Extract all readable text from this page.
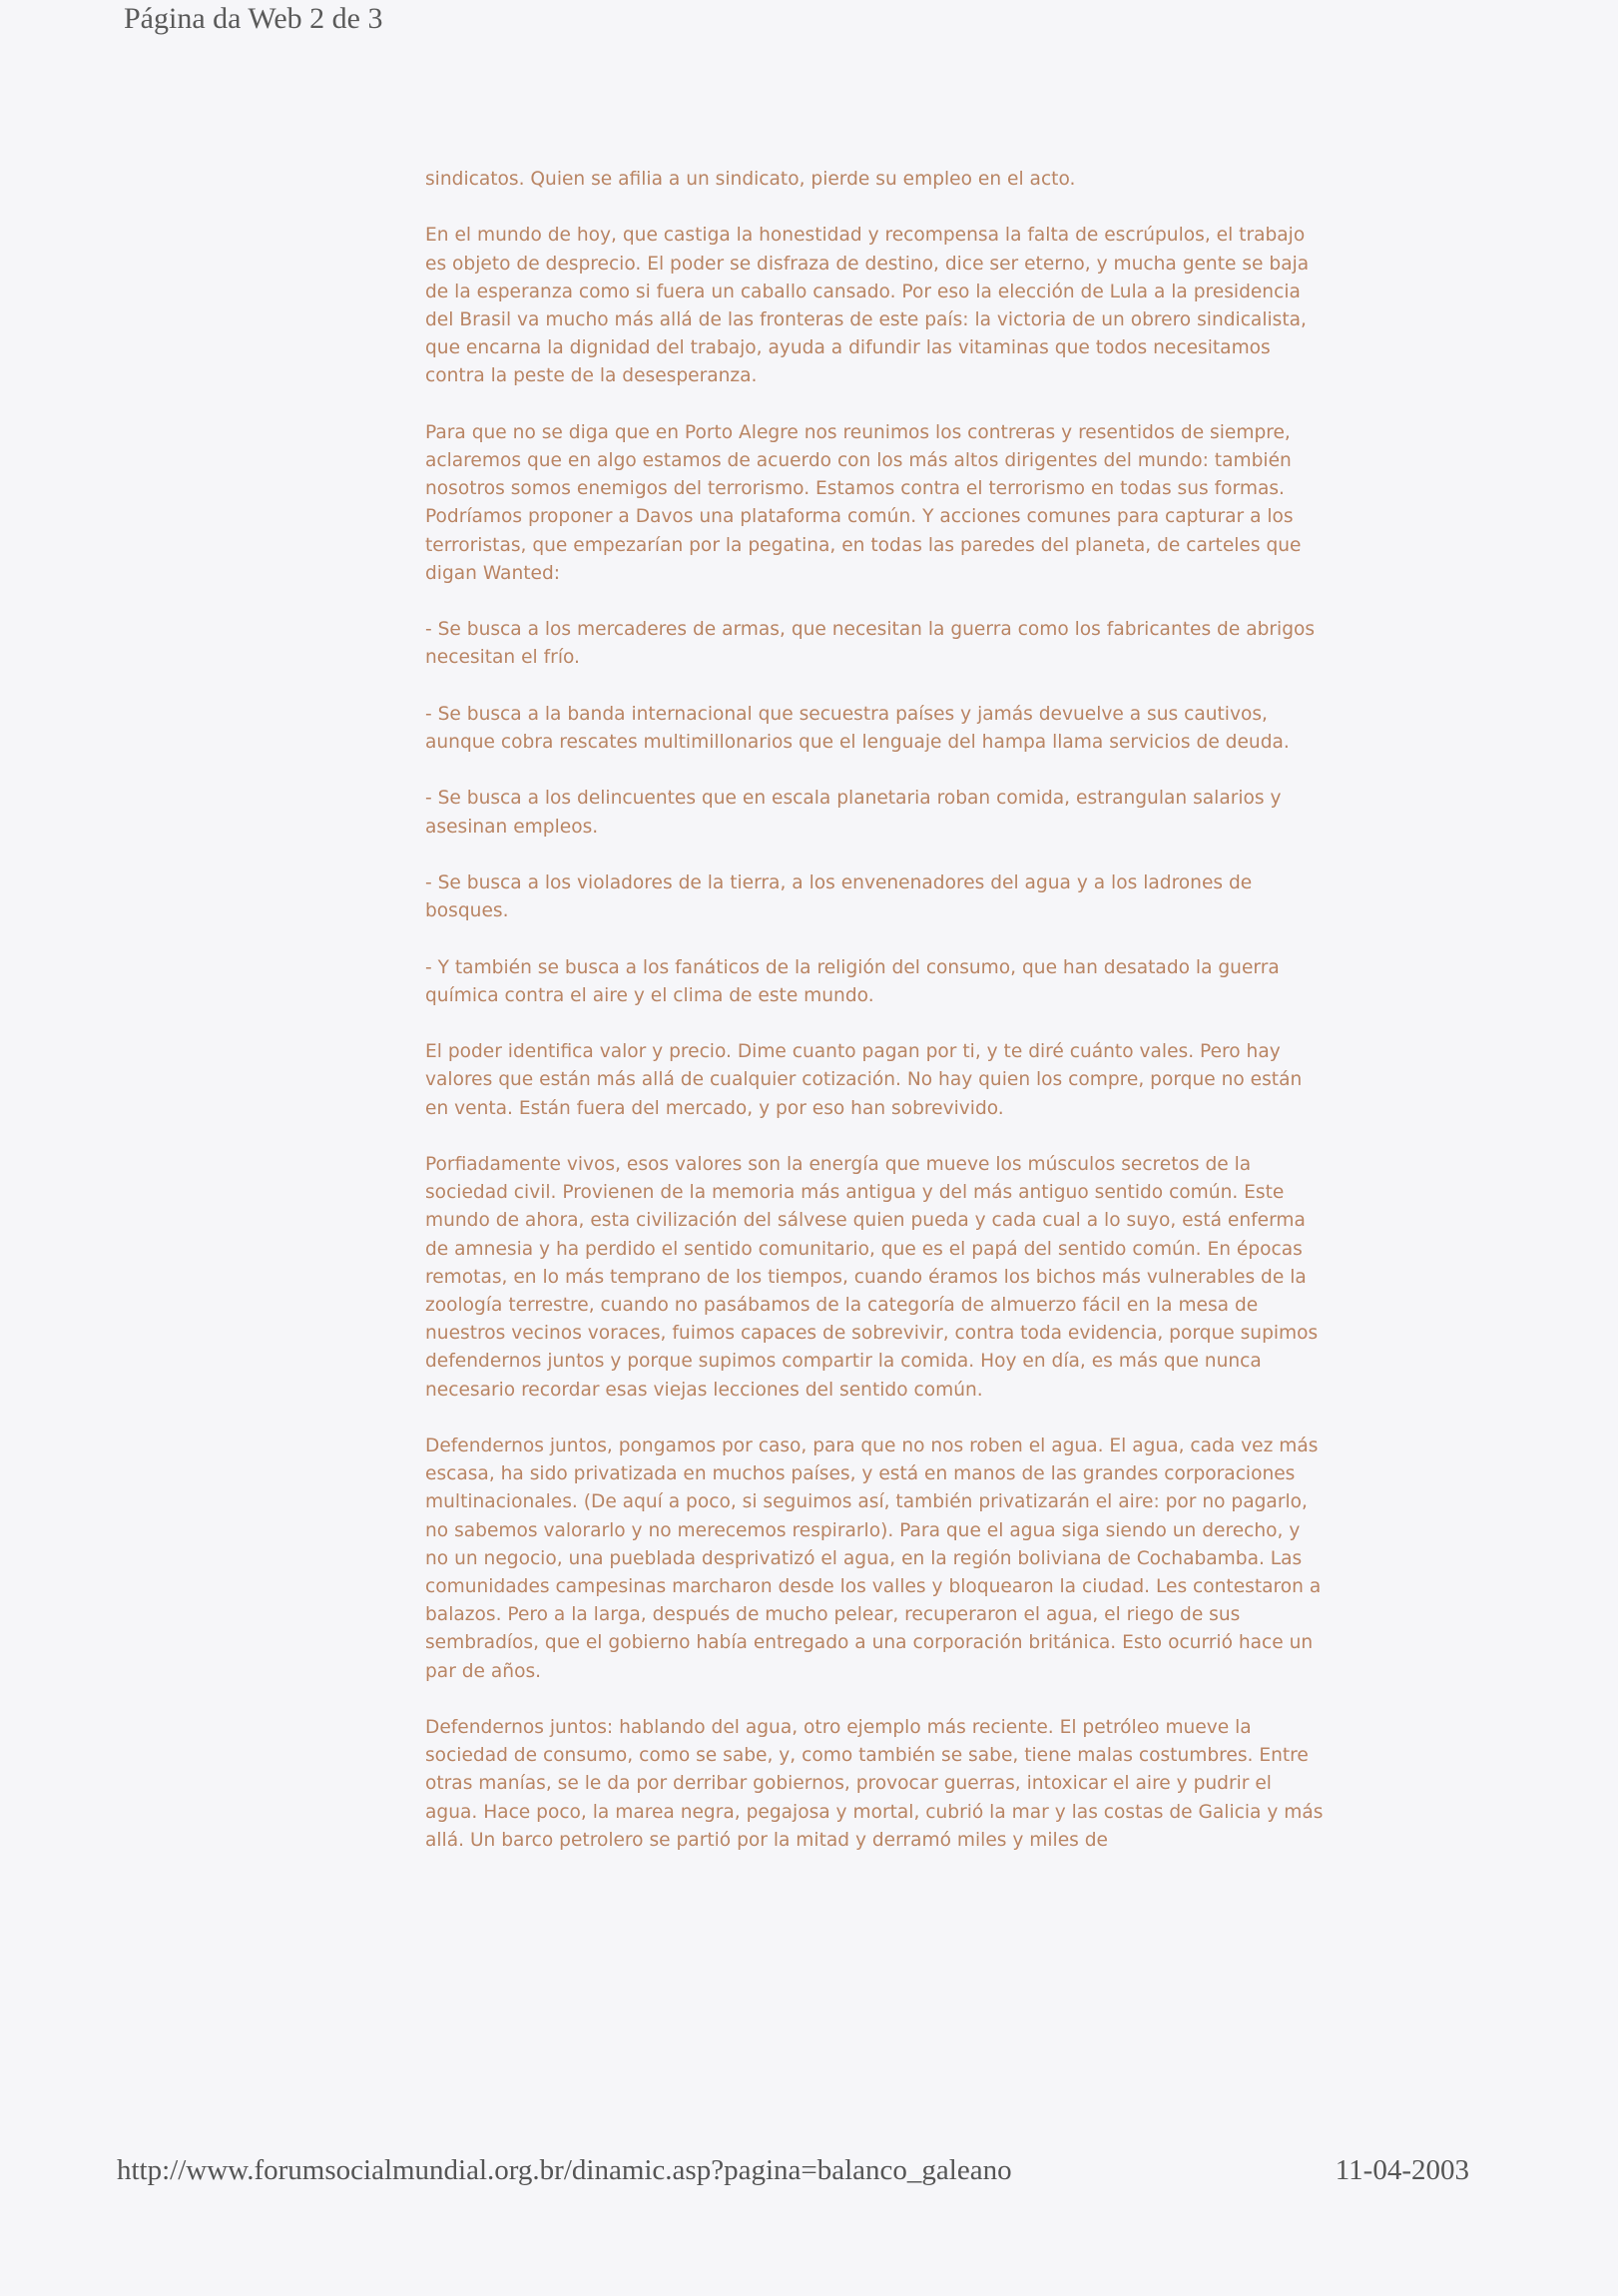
Página da Web 2 de 3

sindicatos. Quien se afilia a un sindicato, pierde su empleo en el acto.

En el mundo de hoy, que castiga la honestidad y recompensa la falta de escrúpulos, el trabajo es objeto de desprecio. El poder se disfraza de destino, dice ser eterno, y mucha gente se baja de la esperanza como si fuera un caballo cansado. Por eso la elección de Lula a la presidencia del Brasil va mucho más allá de las fronteras de este país: la victoria de un obrero sindicalista, que encarna la dignidad del trabajo, ayuda a difundir las vitaminas que todos necesitamos contra la peste de la desesperanza.

Para que no se diga que en Porto Alegre nos reunimos los contreras y resentidos de siempre, aclaremos que en algo estamos de acuerdo con los más altos dirigentes del mundo: también nosotros somos enemigos del terrorismo. Estamos contra el terrorismo en todas sus formas. Podríamos proponer a Davos una plataforma común. Y acciones comunes para capturar a los terroristas, que empezarían por la pegatina, en todas las paredes del planeta, de carteles que digan Wanted:

- Se busca a los mercaderes de armas, que necesitan la guerra como los fabricantes de abrigos necesitan el frío.

- Se busca a la banda internacional que secuestra países y jamás devuelve a sus cautivos, aunque cobra rescates multimillonarios que el lenguaje del hampa llama servicios de deuda.

- Se busca a los delincuentes que en escala planetaria roban comida, estrangulan salarios y asesinan empleos.

- Se busca a los violadores de la tierra, a los envenenadores del agua y a los ladrones de bosques.

- Y también se busca a los fanáticos de la religión del consumo, que han desatado la guerra química contra el aire y el clima de este mundo.

El poder identifica valor y precio. Dime cuanto pagan por ti, y te diré cuánto vales. Pero hay valores que están más allá de cualquier cotización. No hay quien los compre, porque no están en venta. Están fuera del mercado, y por eso han sobrevivido.

Porfiadamente vivos, esos valores son la energía que mueve los músculos secretos de la sociedad civil. Provienen de la memoria más antigua y del más antiguo sentido común. Este mundo de ahora, esta civilización del sálvese quien pueda y cada cual a lo suyo, está enferma de amnesia y ha perdido el sentido comunitario, que es el papá del sentido común. En épocas remotas, en lo más temprano de los tiempos, cuando éramos los bichos más vulnerables de la zoología terrestre, cuando no pasábamos de la categoría de almuerzo fácil en la mesa de nuestros vecinos voraces, fuimos capaces de sobrevivir, contra toda evidencia, porque supimos defendernos juntos y porque supimos compartir la comida. Hoy en día, es más que nunca necesario recordar esas viejas lecciones del sentido común.

Defendernos juntos, pongamos por caso, para que no nos roben el agua. El agua, cada vez más escasa, ha sido privatizada en muchos países, y está en manos de las grandes corporaciones multinacionales. (De aquí a poco, si seguimos así, también privatizarán el aire: por no pagarlo, no sabemos valorarlo y no merecemos respirarlo). Para que el agua siga siendo un derecho, y no un negocio, una pueblada desprivatizó el agua, en la región boliviana de Cochabamba. Las comunidades campesinas marcharon desde los valles y bloquearon la ciudad. Les contestaron a balazos. Pero a la larga, después de mucho pelear, recuperaron el agua, el riego de sus sembradíos, que el gobierno había entregado a una corporación británica. Esto ocurrió hace un par de años.

Defendernos juntos: hablando del agua, otro ejemplo más reciente. El petróleo mueve la sociedad de consumo, como se sabe, y, como también se sabe, tiene malas costumbres. Entre otras manías, se le da por derribar gobiernos, provocar guerras, intoxicar el aire y pudrir el agua. Hace poco, la marea negra, pegajosa y mortal, cubrió la mar y las costas de Galicia y más allá. Un barco petrolero se partió por la mitad y derramó miles y miles de

http://www.forumsocialmundial.org.br/dinamic.asp?pagina=balanco_galeano	11-04-2003
